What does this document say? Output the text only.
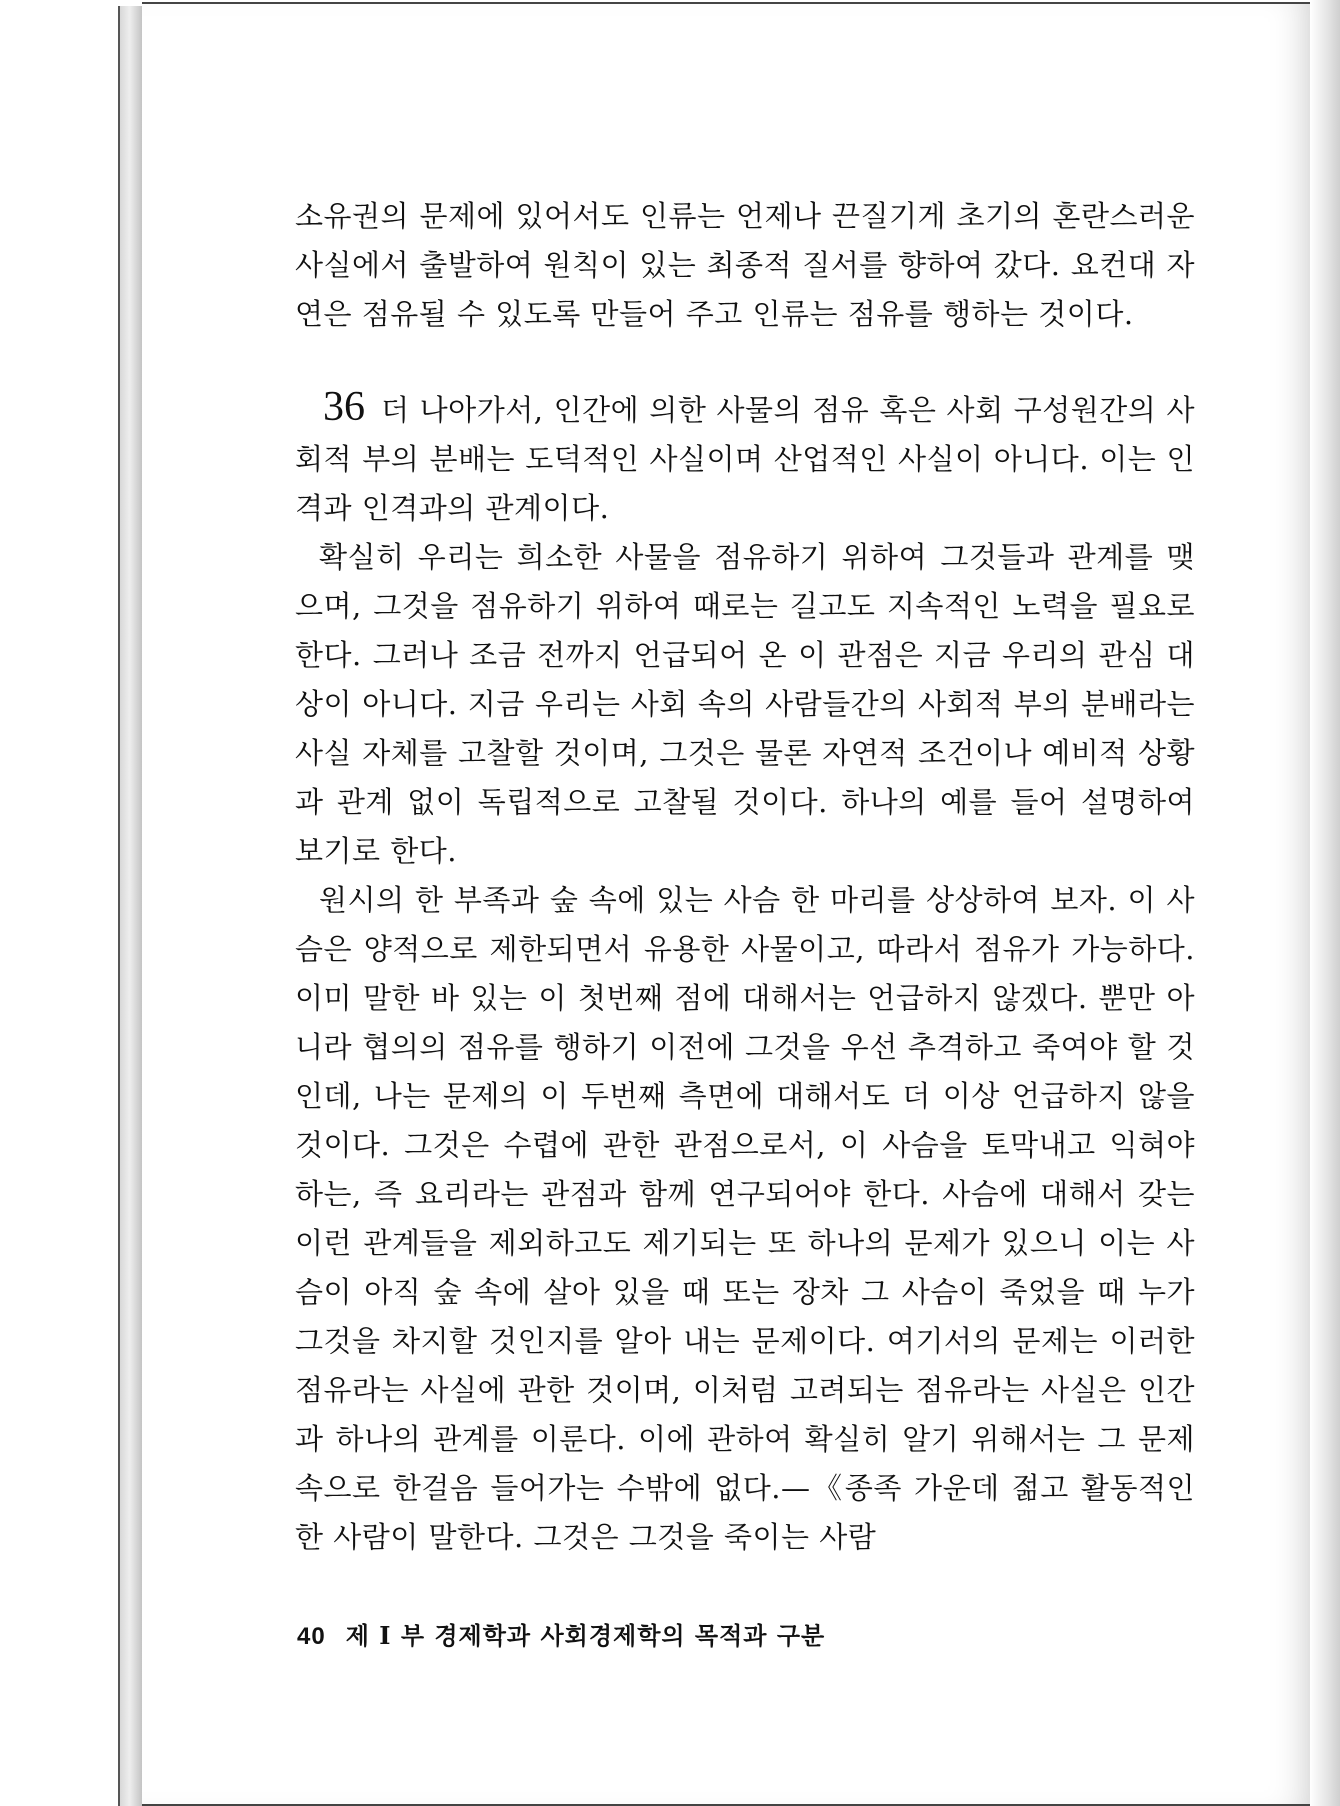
소유권의 문제에 있어서도 인류는 언제나 끈질기게 초기의 혼란스러운 사실에서 출발하여 원칙이 있는 최종적 질서를 향하여 갔다. 요컨대 자연은 점유될 수 있도록 만들어 주고 인류는 점유를 행하는 것이다.

36 더 나아가서, 인간에 의한 사물의 점유 혹은 사회 구성원간의 사회적 부의 분배는 도덕적인 사실이며 산업적인 사실이 아니다. 이는 인격과 인격과의 관계이다.

확실히 우리는 희소한 사물을 점유하기 위하여 그것들과 관계를 맺으며, 그것을 점유하기 위하여 때로는 길고도 지속적인 노력을 필요로 한다. 그러나 조금 전까지 언급되어 온 이 관점은 지금 우리의 관심 대상이 아니다. 지금 우리는 사회 속의 사람들간의 사회적 부의 분배라는 사실 자체를 고찰할 것이며, 그것은 물론 자연적 조건이나 예비적 상황과 관계 없이 독립적으로 고찰될 것이다. 하나의 예를 들어 설명하여 보기로 한다.

원시의 한 부족과 숲 속에 있는 사슴 한 마리를 상상하여 보자. 이 사슴은 양적으로 제한되면서 유용한 사물이고, 따라서 점유가 가능하다. 이미 말한 바 있는 이 첫번째 점에 대해서는 언급하지 않겠다. 뿐만 아니라 협의의 점유를 행하기 이전에 그것을 우선 추격하고 죽여야 할 것인데, 나는 문제의 이 두번째 측면에 대해서도 더 이상 언급하지 않을 것이다. 그것은 수렵에 관한 관점으로서, 이 사슴을 토막내고 익혀야 하는, 즉 요리라는 관점과 함께 연구되어야 한다. 사슴에 대해서 갖는 이런 관계들을 제외하고도 제기되는 또 하나의 문제가 있으니 이는 사슴이 아직 숲 속에 살아 있을 때 또는 장차 그 사슴이 죽었을 때 누가 그것을 차지할 것인지를 알아 내는 문제이다. 여기서의 문제는 이러한 점유라는 사실에 관한 것이며, 이처럼 고려되는 점유라는 사실은 인간과 하나의 관계를 이룬다. 이에 관하여 확실히 알기 위해서는 그 문제 속으로 한걸음 들어가는 수밖에 없다.—《종족 가운데 젊고 활동적인 한 사람이 말한다. 그것은 그것을 죽이는 사람

40 제 I 부 경제학과 사회경제학의 목적과 구분
